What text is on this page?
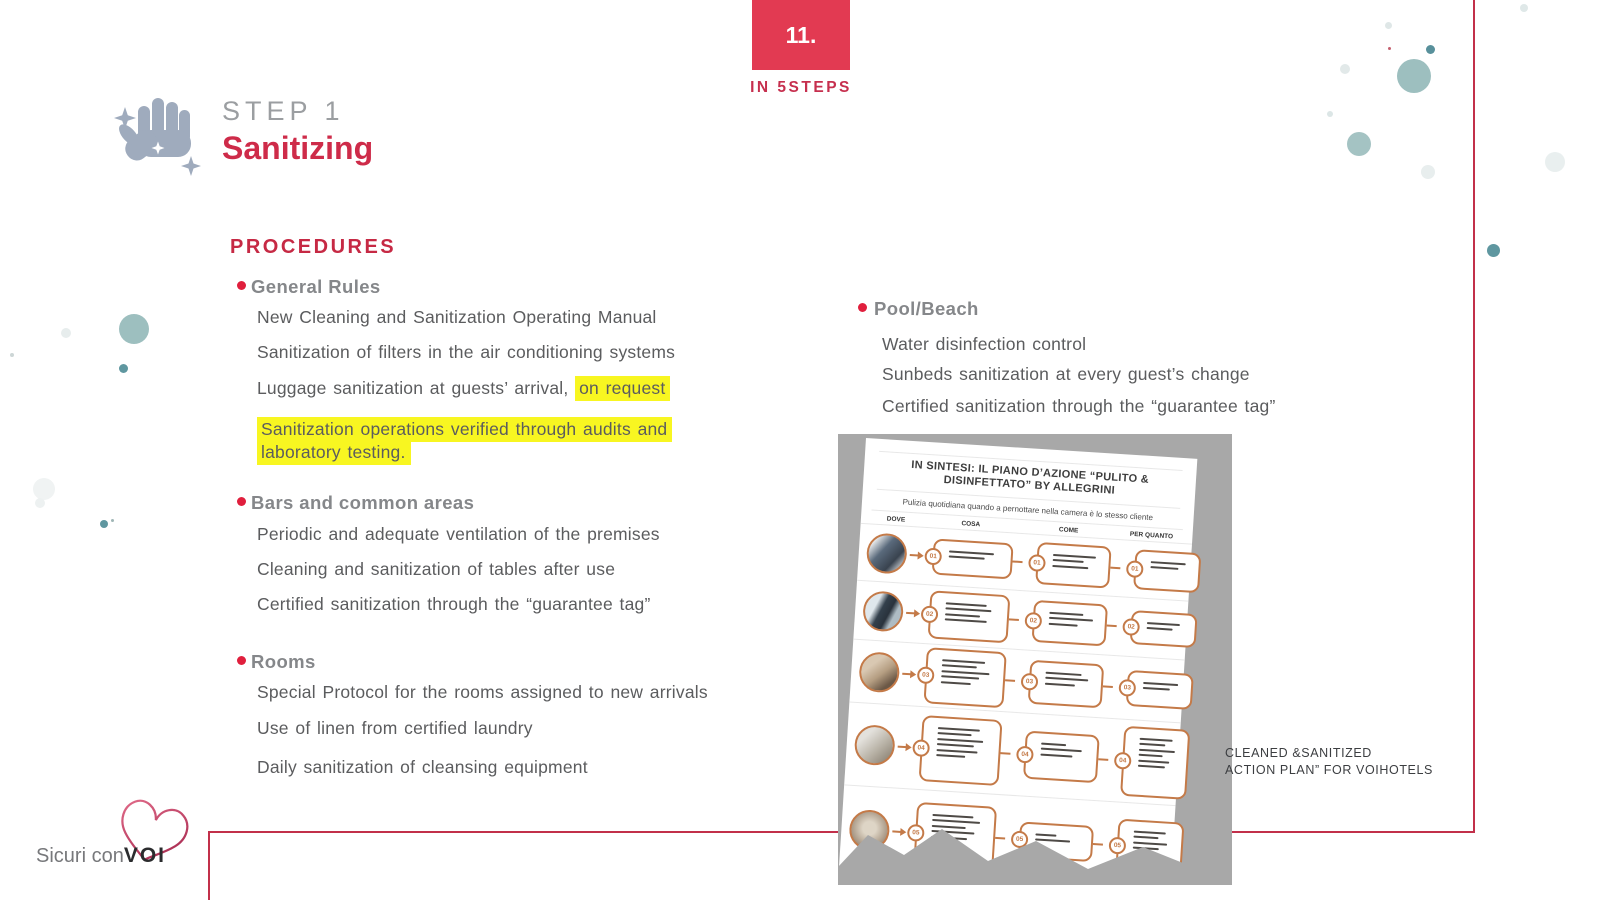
11.
IN 5STEPS
STEP 1
Sanitizing
PROCEDURES
General Rules
New Cleaning and Sanitization Operating Manual
Sanitization of filters in the air conditioning systems
Luggage sanitization at guests’ arrival, on request
Sanitization operations verified through audits and laboratory testing.
Bars and common areas
Periodic and adequate ventilation of the premises
Cleaning and sanitization of tables after use
Certified sanitization through the “guarantee tag”
Rooms
Special Protocol for the rooms assigned to new arrivals
Use of linen from certified laundry
Daily sanitization of cleansing equipment
Pool/Beach
Water disinfection control
Sunbeds sanitization at every guest’s change
Certified sanitization through the “guarantee tag”
IN SINTESI: IL PIANO D’AZIONE “PULITO & DISINFETTATO” BY ALLEGRINI
Pulizia quotidiana quando a pernottare nella camera è lo stesso cliente
DOVE
COSA
COME
PER QUANTO
01
01
01
02
02
02
03
03
03
04
04
04
05
05
05
CLEANED &SANITIZED
ACTION PLAN” FOR VOIHOTELS
Sicuri conVOI
